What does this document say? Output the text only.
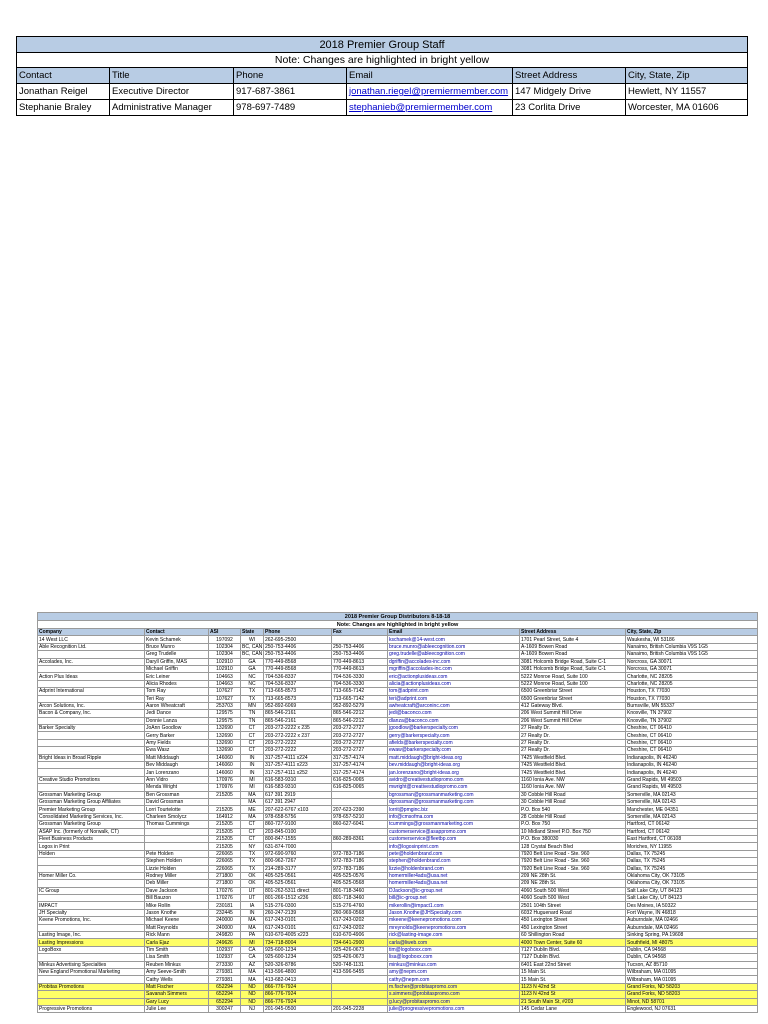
2018 Premier Group Staff					
Note: Changes are highlighted in bright yellow					
Contact	Title	Phone	Email	Street Address	City, State, Zip
Jonathan Reigel	Executive Director	917-687-3861	jonathan.riegel@premiermember.com	147 Midgely Drive	Hewlett, NY 11557
Stephanie Braley	Administrative Manager	978-697-7489	stephanieb@premiermember.com	23 Corlita Drive	Worcester, MA 01606
2018 Premier Group Distributors 8-18-18								
Note: Changes are highlighted in bright yellow								
Company	Contact	ASI	State	Phone	Fax	Email	Street Address	City, State, Zip
14 West LLC	Kevin Schamek	197092	WI	262-695-2500		kschamek@14-west.com	1701 Pearl Street, Suite 4	Waukesha, WI 53186
Able Recognition Ltd.	Bruce Munro	102304	BC, CAN	250-753-4406	250-753-4406	bruce.munro@ableecognition.com	A-1609 Bowen Road	Nanaimo, British Columbia V9S 1G5
	Greg Trudelle	102304	BC, CAN	250-753-4406	250-753-4406	greg.trudelle@ableecognition.com	A-1609 Bowen Road	Nanaimo, British Columbia V9S 1G5
Accolades, Inc.	Daryll Griffin, MAS	102910	GA	770-449-8568	770-449-8613	dgriffin@accolades-inc.com	3081 Holcomb Bridge Road, Suite C-1	Norcross, GA 30071
	Michael Griffin	102910	GA	770-449-8568	770-449-8613	mgriffin@accolades-inc.com	3081 Holcomb Bridge Road, Suite C-1	Norcross, GA 30071
Action Plus Ideas	Eric Leiner	104663	NC	704-536-8337	704-536-3330	eric@actionplusideas.com	5222 Monroe Road, Suite 100	Charlotte, NC 28205
	Alicia Rhodes	104663	NC	704-536-8337	704-536-3330	alicia@actionplusideas.com	5222 Monroe Road, Suite 100	Charlotte, NC 28205
Adprint International	Tom Ray	107627	TX	713-665-8573	713-665-7142	tom@adprint.com	6500 Greenbriar Street	Houston, TX 77030
	Teri Ray	107627	TX	713-665-8573	713-665-7142	teri@adprint.com	6500 Greenbriar Street	Houston, TX 77030
Arcon Solutions, Inc.	Aaron Wheatcraft	253703	MN	952-892-6069	952-892-5279	awheatcraft@arconinc.com	412 Gateway Blvd.	Burnsville, MN 55337
Bacon & Company, Inc.	Jedi Dance	129575	TN	865-546-2161	865-546-2212	jedi@baconco.com	206 West Summit Hill Drive	Knoxville, TN 37902
	Donnie Lanza	129575	TN	865-546-2161	865-546-2212	dlanza@baconco.com	206 West Summit Hill Drive	Knoxville, TN 37902
Barker Specialty	JoAnn Goodlow	132690	CT	203-272-2222 x 235	203-272-2727	jgoodlow@barkerspecialty.com	27 Realty Dr.	Cheshire, CT 06410
	Gerry Barker	132690	CT	203-272-2222 x 237	203-272-2727	gerry@barkerspecialty.com	27 Realty Dr.	Cheshire, CT 06410
	Amy Fields	132690	CT	203-272-2222	203-272-2727	afields@barkerspecialty.com	27 Realty Dr.	Cheshire, CT 06410
	Ewa Wasz	132690	CT	203-272-2222	203-272-2727	ewaw@barkerspecialty.com	27 Realty Dr.	Cheshire, CT 06410
Bright Ideas in Broad Ripple	Matt Middaugh	146060	IN	317-257-4111 x224	317-257-4174	matt.middaugh@bright-ideas.org	7425 Westfield Blvd.	Indianapolis, IN 46240
	Bev Middaugh	146060	IN	317-257-4111 x223	317-257-4174	bev.middaugh@bright-ideas.org	7425 Westfield Blvd.	Indianapolis, IN 46240
	Jan Lorenzano	146060	IN	317-257-4111 x252	317-257-4174	jan.lorenzano@bright-ideas.org	7425 Westfield Blvd.	Indianapolis, IN 46240
Creative Studio Promotions	Ann Vidro	170976	MI	616-583-9310	616-825-0065	avidro@creativestudiopromo.com	1160 Ionia Ave. NW	Grand Rapids, MI 49503
	Menda Wright	170976	MI	616-583-9310	616-825-0065	mwright@creativestudiopromo.com	1160 Ionia Ave. NW	Grand Rapids, MI 49503
Grossman Marketing Group	Ben Grossman	215205	MA	617 391 2919		bgrossman@grossmanmarketing.com	30 Cobble Hill Road	Somerville, MA 02143
Grossman Marketing Group Affiliates	David Grossman		MA	617 391 2947		dgrossman@grossmanmarketing.com	30 Cobble Hill Road	Somerville, MA 02143
Premier Marketing Group	Lorri Tourtelotte	215205	ME	207-622-6767 x103	207-623-2390	lorrit@pmginc.biz	P.O. Box 540	Manchester, ME 04351
Consolidated Marketing Services, Inc.	Charleen Smolycz	164912	MA	978-658-5756	978-657-5210	info@cmsofma.com	28 Cobble Hill Road	Somerville, MA 02143
Grossman Marketing Group	Thomas Cummings	215205	CT	860-727-9100	860-627-6041	tcummings@grossmanmarketing.com	P.O. Box 750	Hartford, CT 06142
ASAP Inc. (formerly of Norwalk, CT)		215205	CT	203-845-0100		customerservice@asappromo.com	10 Midland Street P.O. Box 750	Hartford, CT 06142
Fleet Business Products		215205	CT	800-847-1555	860-289-8361	customerservice@fleetbp.com	P.O. Box 380030	East Hartford, CT 06108
Logos in Print		215205	NY	631-874-7000		info@logosinprint.com	128 Crystal Beach Blvd	Moriches, NY 11955
Holden	Pete Holden	226065	TX	972-690-9760	972-783-7186	pete@holdenbrand.com	7920 Belt Line Road - Ste. 960	Dallas, TX 75245
	Stephen Holden	226065	TX	800-962-7267	972-783-7186	stephen@holdenbrand.com	7920 Belt Line Road - Ste. 960	Dallas, TX 75245
	Lizzie Holden	226065	TX	214-289-3177	972-783-7186	lizzie@holdenbrand.com	7920 Belt Line Road - Ste. 960	Dallas, TX 75245
Homer Miller Co.	Rodney Miller	271800	OK	405-525-0561	405-525-0576	homermiller4ads@usa.net	209 NE 28th St.	Oklahoma City, OK 73105
	Deb Miller	271800	OK	405-525-0561	405-525-0568	homermiller4ads@usa.net	209 NE 28th St.	Oklahoma City, OK 73105
IC Group	Dave Jackson	170276	UT	801-262-5311 direct	801-718-3460	DJackson@ic-group.net	4060 South 500 West	Salt Lake City, UT 84123
	Bill Bauzon	170276	UT	801-266-1512 x236	801-718-3460	bill@ic-group.net	4060 South 500 West	Salt Lake City, UT 84123
IMPACT	Mike Rollin	230181	IA	515-276-0300	515-276-4760	mikerollin@impact1.com	2501 104th Street	Des Moines, IA 50322
JH Specialty	Jason Knothe	232445	IN	260-247-2139	260-969-0568	Jason.Knothe@JHSpecialty.com	6032 Huguenard Road	Fort Wayne, IN 46818
Keene Promotions, Inc.	Michael Keene	240000	MA	617-243-0101	617-243-0202	mkeene@keenepromotions.com	450 Lexington Street	Auburndale, MA 02466
	Matt Reynolds	240000	MA	617-243-0101	617-243-0202	mreynolds@keenepromotions.com	450 Lexington Street	Auburndale, MA 02466
Lasting Image, Inc.	Rick Mann	249820	PA	610-670-4005 x223	610-670-4906	rick@lasting-image.com	60 Shillington Road	Sinking Spring, PA 19608
Lasting Impressions	Carla Ejaz	249626	MI	734-718-8004	734-641-2900	carla@liweb.com	4000 Town Center, Suite 60	Southfield, MI 48075
LogoBoxx	Tim Smith	102937	CA	925-600-1234	925-426-0673	tim@logoboxx.com	7127 Dublin Blvd.	Dublin, CA 94568
	Lisa Smith	102937	CA	925-600-1234	925-426-0673	lisa@logoboxx.com	7127 Dublin Blvd.	Dublin, CA 94568
Minkus Advertising Specialties	Reuben Minkus	273330	AZ	520-326-8786	520-748-1131	minkus@minkus.com	6401 East 22nd Street	Tucson, AZ 85710
New England Promotional Marketing	Amy Seeve-Smith	279381	MA	413-596-4800	413-596-5455	amy@nepm.com	15 Main St.	Wilbraham, MA 01095
	Cathy Wells	279381	MA	413-682-0413		cathy@nepm.com	15 Main St.	Wilbraham, MA 01095
Probitas Promotions	Matt Fischer	652294	ND	866-776-7924		m.fischer@probitaspromo.com	1123 N 42nd St	Grand Forks, ND 58203
	Savanah Simmers	652294	ND	866-776-7924		s.simmers@probitaspromo.com	1123 N 42nd St	Grand Forks, ND 58203
	Gary Lucy	652294	ND	866-776-7924		g.lucy@probitaspromo.com	21 South Main St, #203	Minot, ND 58701
Progressive Promotions	Julie Lee	300247	NJ	201-945-0500	201-945-2228	julie@progressivepromotions.com	145 Cedar Lane	Englewood, NJ 07631
